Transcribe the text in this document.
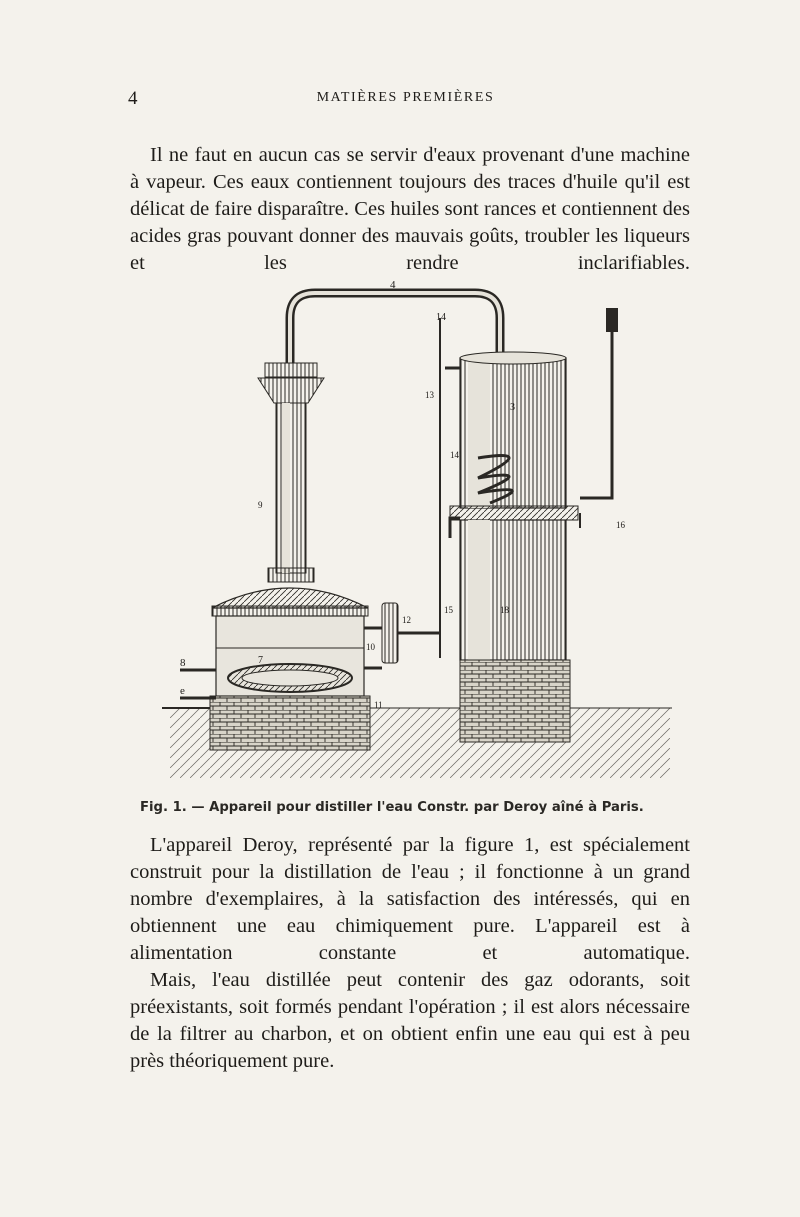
4	MATIÈRES PREMIÈRES

Il ne faut en aucun cas se servir d'eaux provenant d'une machine à vapeur. Ces eaux contiennent toujours des traces d'huile qu'il est délicat de faire disparaître. Ces huiles sont rances et contiennent des acides gras pouvant donner des mauvais goûts, troubler les liqueurs et les rendre inclarifiables.

4
14
13
14'
3
16
12
10
11
15	18
7
8
e
9
Fig. 1. — Appareil pour distiller l'eau Constr. par Deroy aîné à Paris.

L'appareil Deroy, représenté par la figure 1, est spécialement construit pour la distillation de l'eau ; il fonctionne à un grand nombre d'exemplaires, à la satisfaction des intéressés, qui en obtiennent une eau chimiquement pure. L'appareil est à alimentation constante et automatique.

Mais, l'eau distillée peut contenir des gaz odorants, soit préexistants, soit formés pendant l'opération ; il est alors nécessaire de la filtrer au charbon, et on obtient enfin une eau qui est à peu près théoriquement pure.
